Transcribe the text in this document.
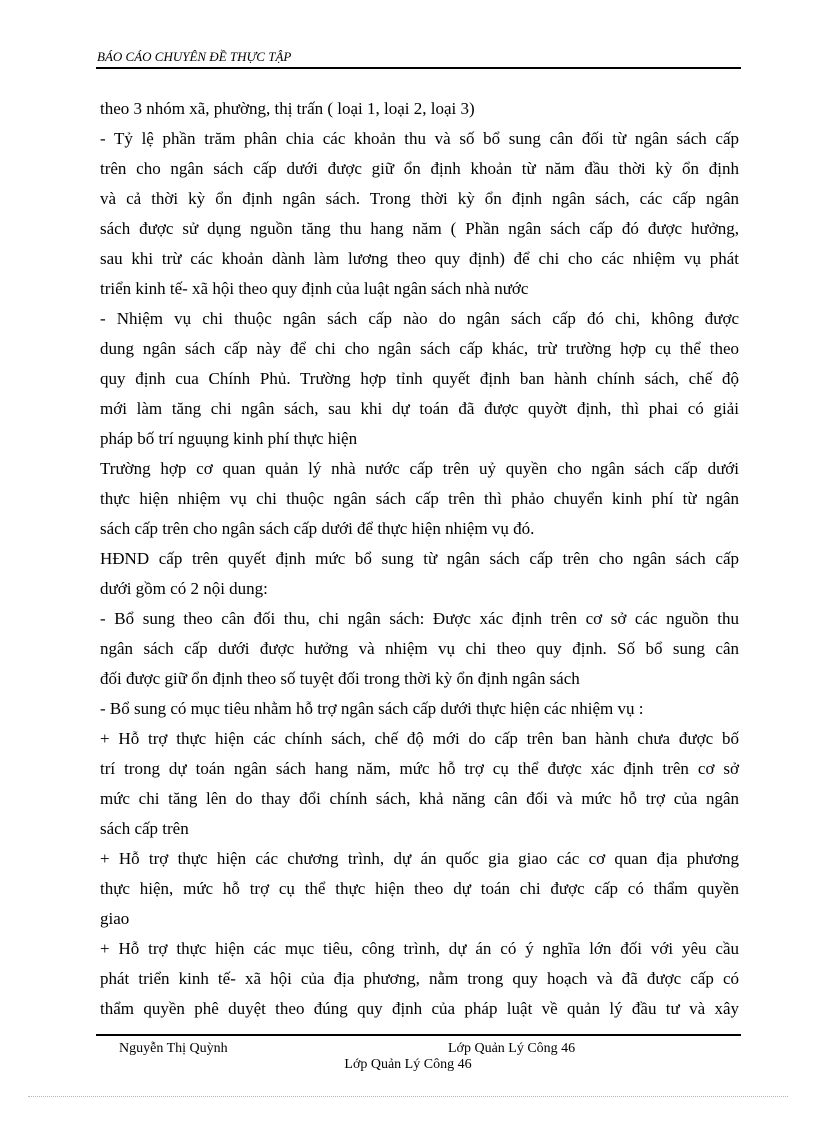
BÁO CÁO CHUYÊN ĐỀ THỰC TẬP
theo 3 nhóm xã, phường, thị trấn ( loại 1, loại 2, loại 3)
- Tỷ lệ phần trăm phân chia các khoản thu và số bổ sung cân đối từ ngân sách cấp
trên cho ngân sách cấp dưới được giữ ổn định khoản từ năm đầu thời kỳ ổn định
và cả thời kỳ ổn định ngân sách. Trong thời kỳ ổn định ngân sách, các cấp ngân
sách được sử dụng nguồn tăng thu hang năm ( Phần ngân sách cấp đó được hưởng,
sau khi trừ các khoản dành làm lương theo quy định) để chi cho các nhiệm vụ phát
triển kinh tế- xã hội theo quy định của luật ngân sách nhà nước
- Nhiệm vụ chi thuộc ngân sách cấp nào do ngân sách cấp đó chi, không được
dung ngân sách cấp này để chi cho ngân sách cấp khác, trừ trường hợp cụ thể theo
quy định cua Chính Phủ. Trường hợp tỉnh quyết định ban hành chính sách, chế độ
mới làm tăng chi ngân sách, sau khi dự toán đã được quyờt định, thì phai có giải
pháp bố trí nguụng kinh phí thực hiện
Trường hợp cơ quan quản lý nhà nước cấp trên uỷ quyền cho ngân sách cấp dưới
thực hiện nhiệm vụ chi thuộc ngân sách cấp trên thì phảo chuyển kinh phí từ ngân
sách cấp trên cho ngân sách cấp dưới để thực hiện nhiệm vụ đó.
HĐND cấp trên quyết định mức bổ sung từ ngân sách cấp trên cho ngân sách cấp
dưới gồm có 2 nội dung:
- Bổ sung theo cân đối thu, chi ngân sách: Được xác định trên cơ sở các nguồn thu
ngân sách cấp dưới được hưởng và nhiệm vụ chi theo quy định. Số bổ sung cân
đối được giữ ổn định theo số tuyệt đối trong thời kỳ ổn định ngân sách
- Bổ sung có mục tiêu nhằm hỗ trợ ngân sách cấp dưới thực hiện các nhiệm vụ :
+ Hỗ trợ thực hiện các chính sách, chế độ mới do cấp trên ban hành chưa được bố
trí trong dự toán ngân sách hang năm, mức hỗ trợ cụ thể được xác định trên cơ sở
mức chi tăng lên do thay đổi chính sách, khả năng cân đối và mức hỗ trợ của ngân
sách cấp trên
+ Hỗ trợ thực hiện các chương trình, dự án quốc gia giao các cơ quan địa phương
thực hiện, mức hỗ trợ cụ thể thực hiện theo dự toán chi được cấp có thẩm quyền
giao
+ Hỗ trợ thực hiện các mục tiêu, công trình, dự án có ý nghĩa lớn đối với yêu cầu
phát triển kinh tế- xã hội của địa phương, nằm trong quy hoạch và đã được cấp có
thẩm quyền phê duyệt theo đúng quy định của pháp luật về quản lý đầu tư và xây
Nguyễn Thị Quỳnh	Lớp Quản Lý Công 46
Lớp Quản Lý Công 46
